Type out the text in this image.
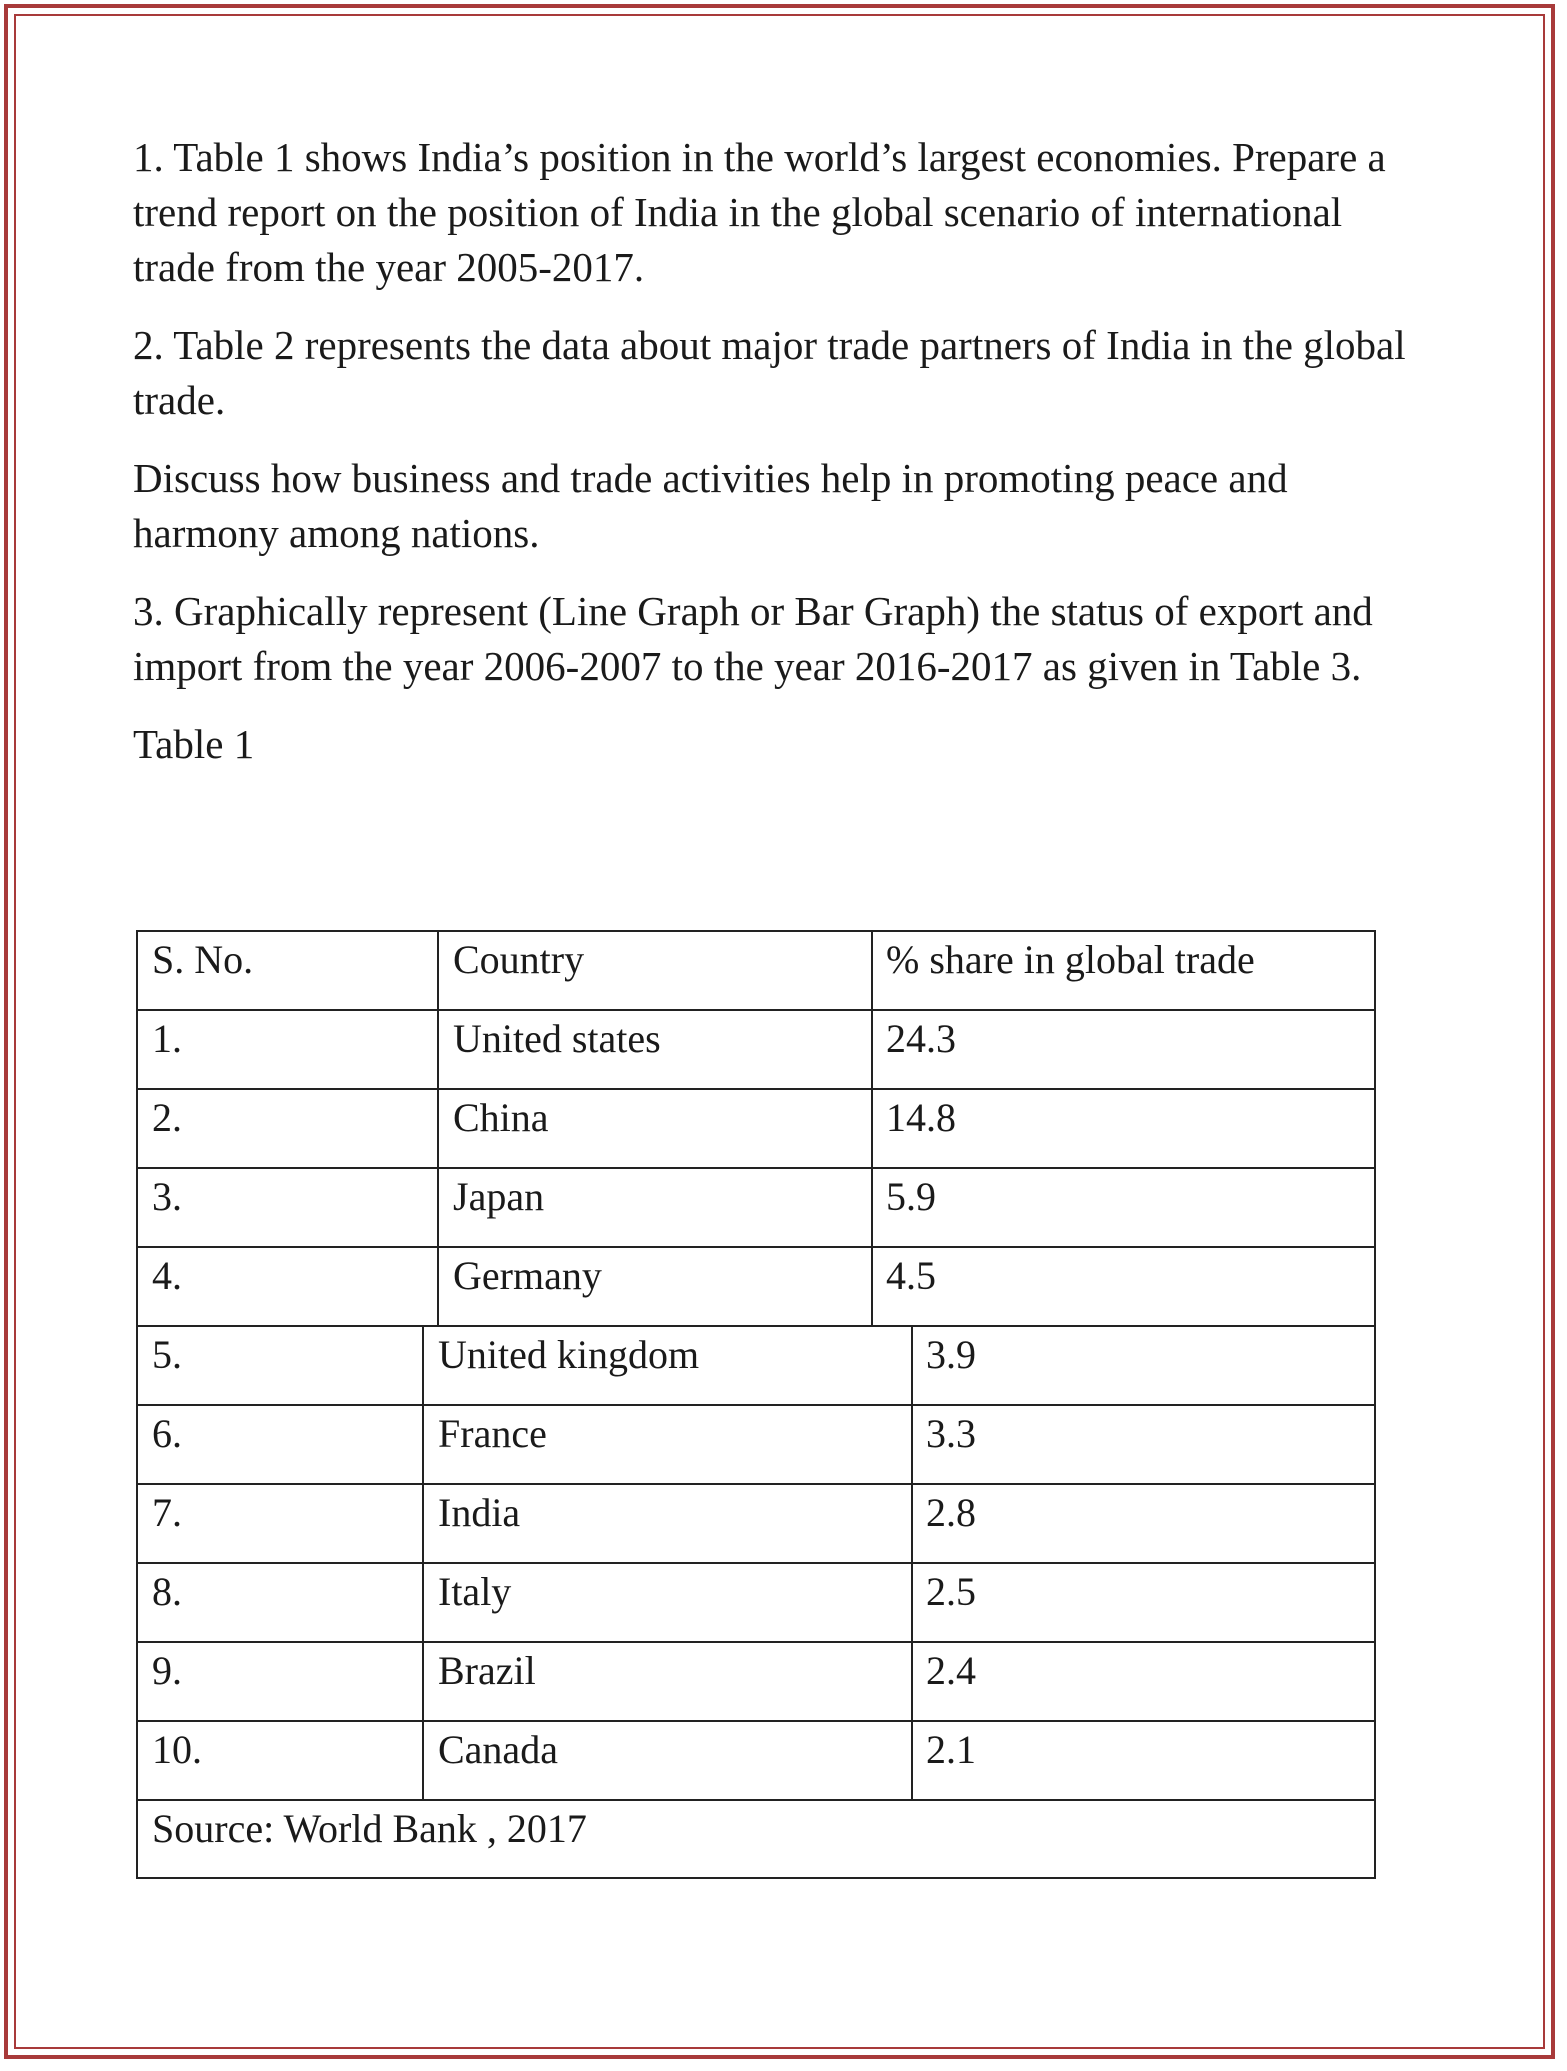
1. Table 1 shows India’s position in the world’s largest economies. Prepare a trend report on the position of India in the global scenario of international trade from the year 2005-2017.

2. Table 2 represents the data about major trade partners of India in the global trade.

Discuss how business and trade activities help in promoting peace and harmony among nations.

3. Graphically represent (Line Graph or Bar Graph) the status of export and import from the year 2006-2007 to the year 2016-2017 as given in Table 3.

Table 1

S. No.	Country	% share in global trade
1.	United states	24.3
2.	China	14.8
3.	Japan	5.9
4.	Germany	4.5
5.	United kingdom	3.9
6.	France	3.3
7.	India	2.8
8.	Italy	2.5
9.	Brazil	2.4
10.	Canada	2.1
Source: World Bank , 2017
